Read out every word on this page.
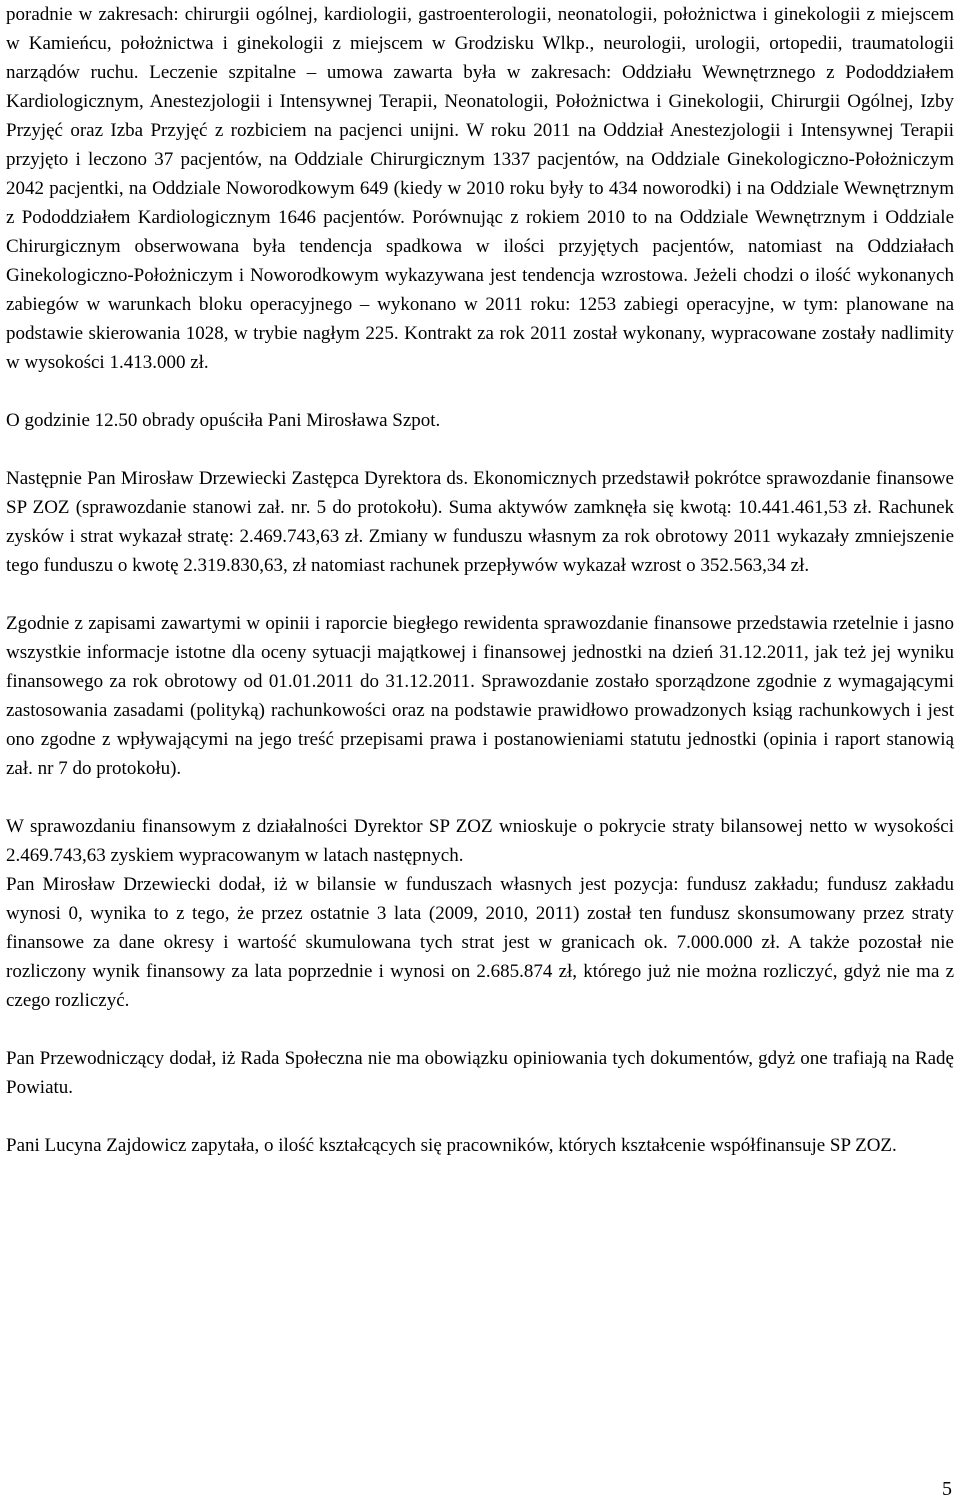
poradnie w zakresach: chirurgii ogólnej, kardiologii, gastroenterologii, neonatologii, położnictwa i ginekologii z miejscem w Kamieńcu, położnictwa i ginekologii z miejscem w Grodzisku Wlkp., neurologii, urologii, ortopedii, traumatologii narządów ruchu. Leczenie szpitalne – umowa zawarta była w zakresach: Oddziału Wewnętrznego z Pododdziałem Kardiologicznym, Anestezjologii i Intensywnej Terapii, Neonatologii, Położnictwa i Ginekologii, Chirurgii Ogólnej, Izby Przyjęć oraz Izba Przyjęć z rozbiciem na pacjenci unijni. W roku 2011 na Oddział Anestezjologii i Intensywnej Terapii przyjęto i leczono 37 pacjentów, na Oddziale Chirurgicznym 1337 pacjentów, na Oddziale Ginekologiczno-Położniczym 2042 pacjentki, na Oddziale Noworodkowym 649 (kiedy w 2010 roku były to 434 noworodki) i na Oddziale Wewnętrznym z Pododdziałem Kardiologicznym 1646 pacjentów. Porównując z rokiem 2010 to na Oddziale Wewnętrznym i Oddziale Chirurgicznym obserwowana była tendencja spadkowa w ilości przyjętych pacjentów, natomiast na Oddziałach Ginekologiczno-Położniczym i Noworodkowym wykazywana jest tendencja wzrostowa. Jeżeli chodzi o ilość wykonanych zabiegów w warunkach bloku operacyjnego – wykonano w 2011 roku: 1253 zabiegi operacyjne, w tym: planowane na podstawie skierowania 1028, w trybie nagłym 225. Kontrakt za rok 2011 został wykonany, wypracowane zostały nadlimity w wysokości 1.413.000 zł.

O godzinie 12.50 obrady opuściła Pani Mirosława Szpot.

Następnie Pan Mirosław Drzewiecki Zastępca Dyrektora ds. Ekonomicznych przedstawił pokrótce sprawozdanie finansowe SP ZOZ (sprawozdanie stanowi zał. nr. 5 do protokołu). Suma aktywów zamknęła się kwotą: 10.441.461,53 zł. Rachunek zysków i strat wykazał stratę: 2.469.743,63 zł. Zmiany w funduszu własnym za rok obrotowy 2011 wykazały zmniejszenie tego funduszu o kwotę 2.319.830,63, zł natomiast rachunek przepływów wykazał wzrost o 352.563,34 zł.

Zgodnie z zapisami zawartymi w opinii i raporcie biegłego rewidenta sprawozdanie finansowe przedstawia rzetelnie i jasno wszystkie informacje istotne dla oceny sytuacji majątkowej i finansowej jednostki na dzień 31.12.2011, jak też jej wyniku finansowego za rok obrotowy od 01.01.2011 do 31.12.2011. Sprawozdanie zostało sporządzone zgodnie z wymagającymi zastosowania zasadami (polityką) rachunkowości oraz na podstawie prawidłowo prowadzonych ksiąg rachunkowych i jest ono zgodne z wpływającymi na jego treść przepisami prawa i postanowieniami statutu jednostki (opinia i raport stanowią zał. nr 7 do protokołu).

W sprawozdaniu finansowym z działalności Dyrektor SP ZOZ wnioskuje o pokrycie straty bilansowej netto w wysokości 2.469.743,63 zyskiem wypracowanym w latach następnych.

Pan Mirosław Drzewiecki dodał, iż w bilansie w funduszach własnych jest pozycja: fundusz zakładu; fundusz zakładu wynosi 0, wynika to z tego, że przez ostatnie 3 lata (2009, 2010, 2011) został ten fundusz skonsumowany przez straty finansowe za dane okresy i wartość skumulowana tych strat jest w granicach ok. 7.000.000 zł. A także pozostał nie rozliczony wynik finansowy za lata poprzednie i wynosi on 2.685.874 zł, którego już nie można rozliczyć, gdyż nie ma z czego rozliczyć.

Pan Przewodniczący dodał, iż Rada Społeczna nie ma obowiązku opiniowania tych dokumentów, gdyż one trafiają na Radę Powiatu.

Pani Lucyna Zajdowicz zapytała, o ilość kształcących się pracowników, których kształcenie współfinansuje SP ZOZ.

5
